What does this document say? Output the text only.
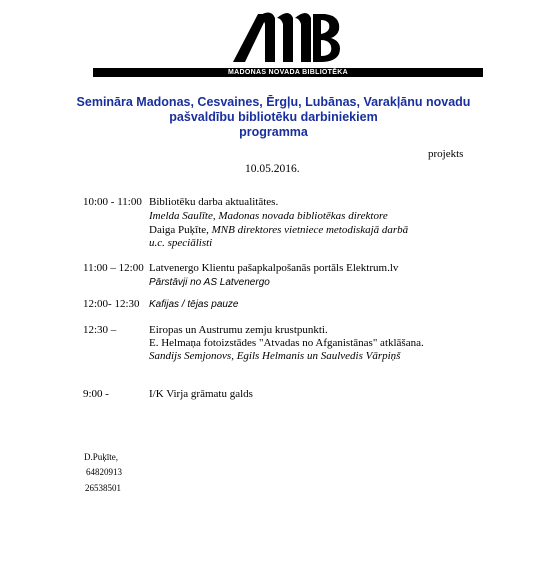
MADONAS NOVADA BIBLIOTĒKA
Semināra Madonas, Cesvaines, Ērgļu, Lubānas, Varakļānu novadu
pašvaldību bibliotēku darbiniekiem
programma
projekts
10.05.2016.
10:00 - 11:00 Bibliotēku darba aktualitātes.
Imelda Saulīte, Madonas novada bibliotēkas direktore
Daiga Puķīte, MNB direktores vietniece metodiskajā darbā
u.c. speciālisti
11:00 – 12:00 Latvenergo Klientu pašapkalpošanās portāls Elektrum.lv
Pārstāvji no AS Latvenergo
12:00- 12:30 Kafijas / tējas pauze
12:30 –	Eiropas un Austrumu zemju krustpunkti.
E. Helmaņa fotoizstādes "Atvadas no Afganistānas" atklāšana.
Sandijs Semjonovs, Egils Helmanis un Saulvedis Vārpiņš
9:00 -	I/K Virja grāmatu galds
D.Puķīte,
64820913
26538501
